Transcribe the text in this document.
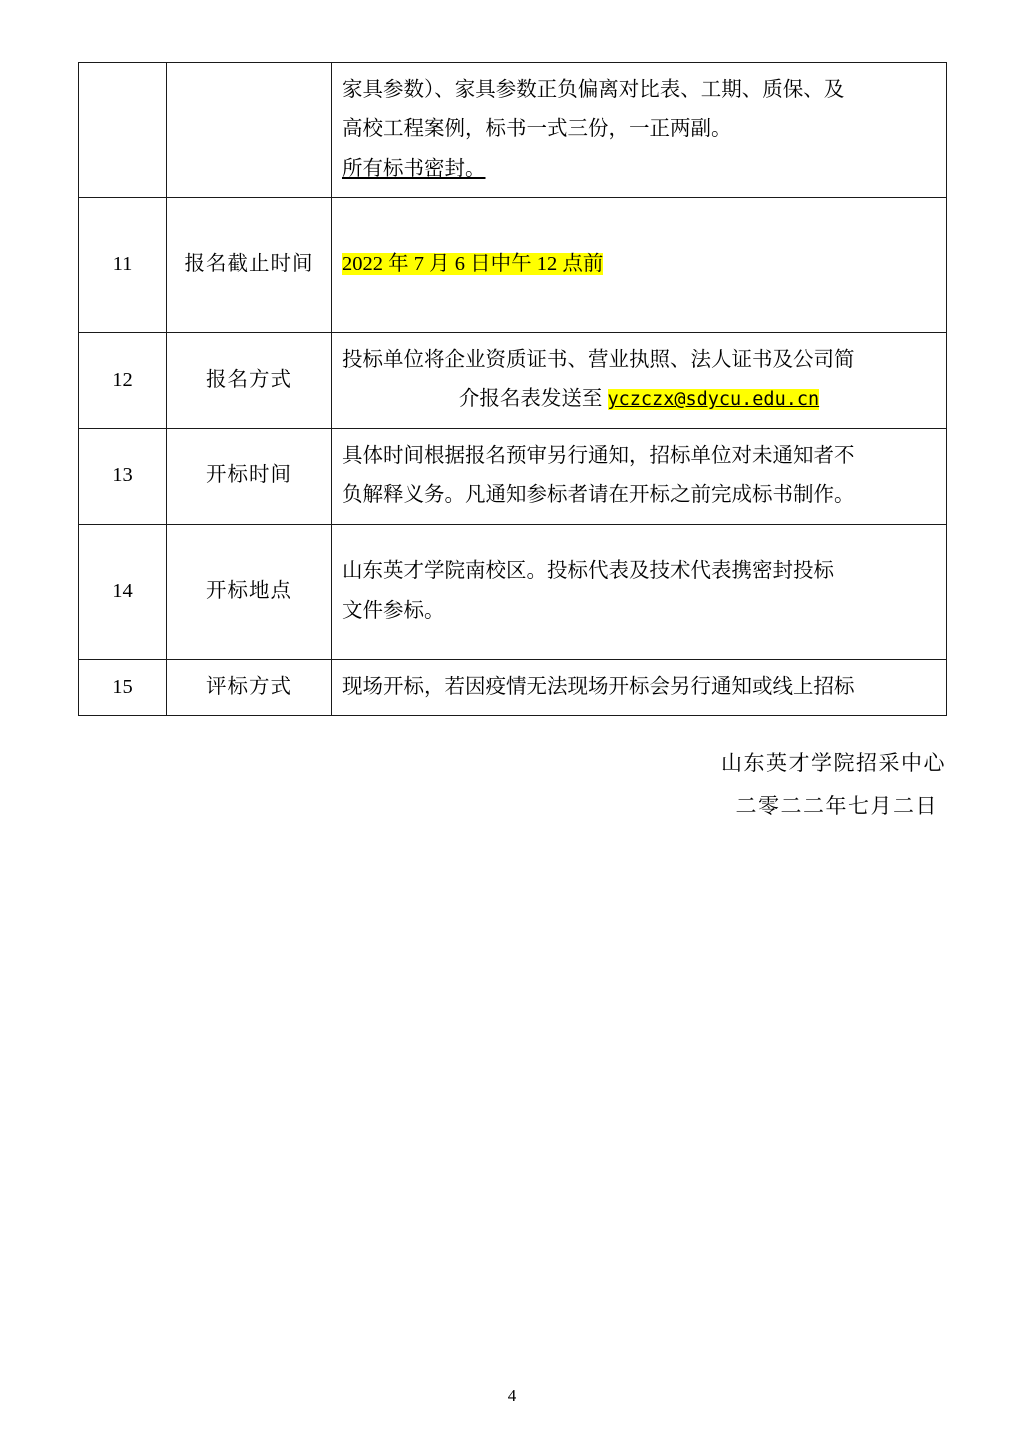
		家具参数）、家具参数正负偏离对比表、工期、质保、及

高校工程案例，标书一式三份，一正两副。

所有标书密封。

11	报名截止时间	2022 年 7 月 6 日中午 12 点前
12	报名方式	投标单位将企业资质证书、营业执照、法人证书及公司简

介报名表发送至 yczczx@sdycu.edu.cn

13	开标时间	具体时间根据报名预审另行通知，招标单位对未通知者不

负解释义务。凡通知参标者请在开标之前完成标书制作。

14	开标地点	山东英才学院南校区。投标代表及技术代表携密封投标

文件参标。

15	评标方式	现场开标，若因疫情无法现场开标会另行通知或线上招标

山东英才学院招采中心
二零二二年七月二日
4
